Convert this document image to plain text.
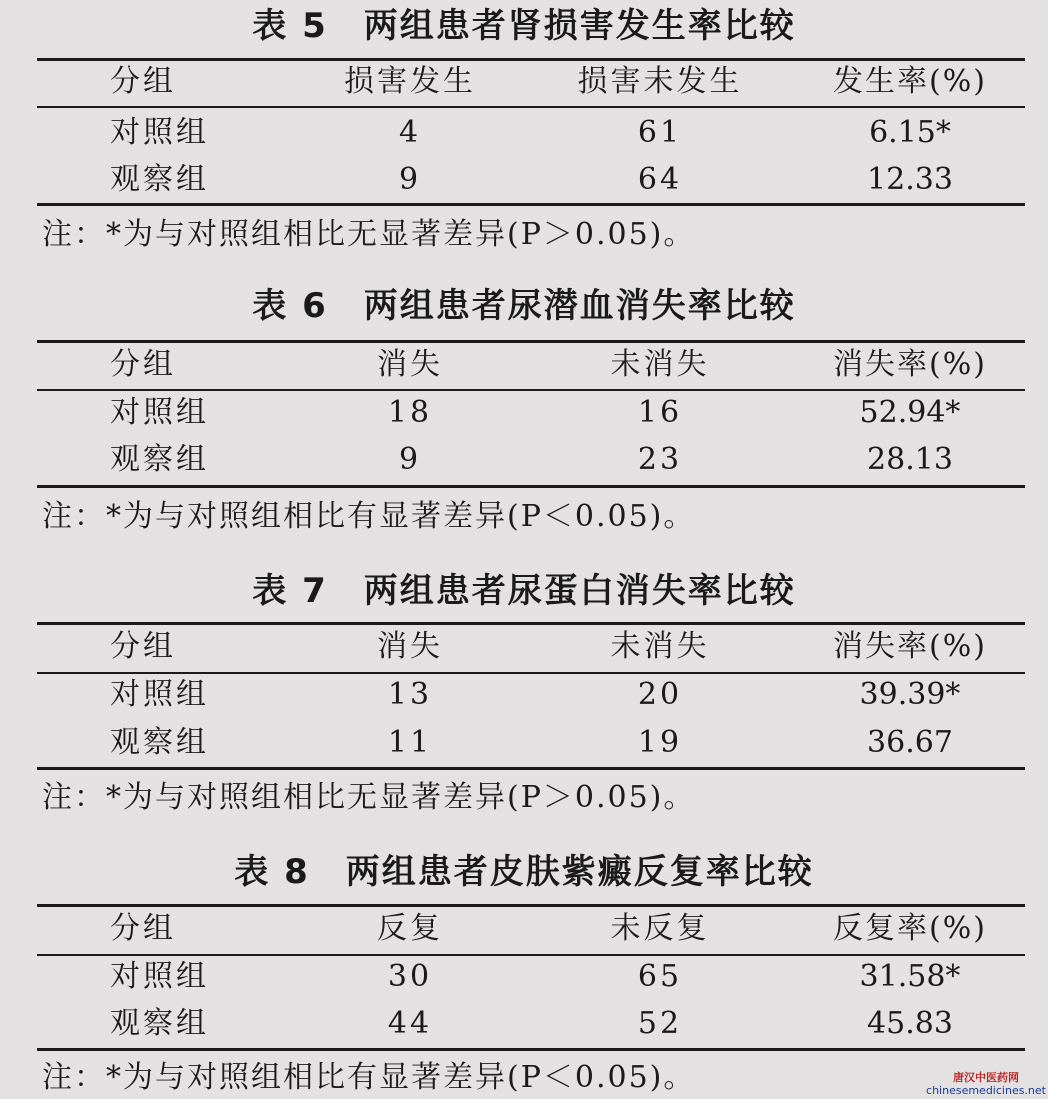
表 5　两组患者肾损害发生率比较
分组	损害发生	损害未发生	发生率(%)
对照组	4	61	6.15*
观察组	9	64	12.33
注：*为与对照组相比无显著差异(P＞0.05)。
表 6　两组患者尿潜血消失率比较
分组	消失	未消失	消失率(%)
对照组	18	16	52.94*
观察组	9	23	28.13
注：*为与对照组相比有显著差异(P＜0.05)。
表 7　两组患者尿蛋白消失率比较
分组	消失	未消失	消失率(%)
对照组	13	20	39.39*
观察组	11	19	36.67
注：*为与对照组相比无显著差异(P＞0.05)。
表 8　两组患者皮肤紫癜反复率比较
分组	反复	未反复	反复率(%)
对照组	30	65	31.58*
观察组	44	52	45.83
注：*为与对照组相比有显著差异(P＜0.05)。	唐汉中医药网
chinesemedicines.net
